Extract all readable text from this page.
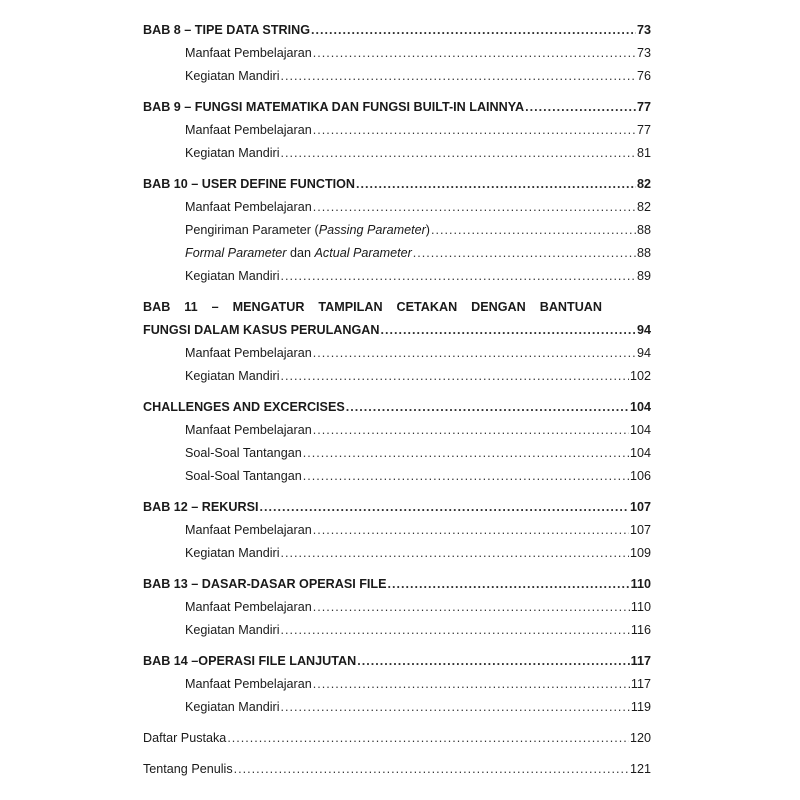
BAB 8 – TIPE DATA STRING .....	73
Manfaat Pembelajaran .....	73
Kegiatan Mandiri .....	76
BAB 9 – FUNGSI MATEMATIKA DAN FUNGSI BUILT-IN LAINNYA .....	77
Manfaat Pembelajaran .....	77
Kegiatan Mandiri .....	81
BAB 10 – USER DEFINE FUNCTION .....	82
Manfaat Pembelajaran .....	82
Pengiriman Parameter (Passing Parameter) .....	88
Formal Parameter dan Actual Parameter .....	88
Kegiatan Mandiri .....	89
BAB 11 – MENGATUR TAMPILAN CETAKAN DENGAN BANTUAN
FUNGSI DALAM KASUS PERULANGAN .....	94
Manfaat Pembelajaran .....	94
Kegiatan Mandiri .....	102
CHALLENGES AND EXCERCISES .....	104
Manfaat Pembelajaran .....	104
Soal-Soal Tantangan .....	104
Soal-Soal Tantangan .....	106
BAB 12 – REKURSI .....	107
Manfaat Pembelajaran .....	107
Kegiatan Mandiri .....	109
BAB 13 – DASAR-DASAR OPERASI FILE .....	110
Manfaat Pembelajaran .....	110
Kegiatan Mandiri .....	116
BAB 14 –OPERASI FILE LANJUTAN .....	117
Manfaat Pembelajaran .....	117
Kegiatan Mandiri .....	119
Daftar Pustaka .....	120
Tentang Penulis .....	121
